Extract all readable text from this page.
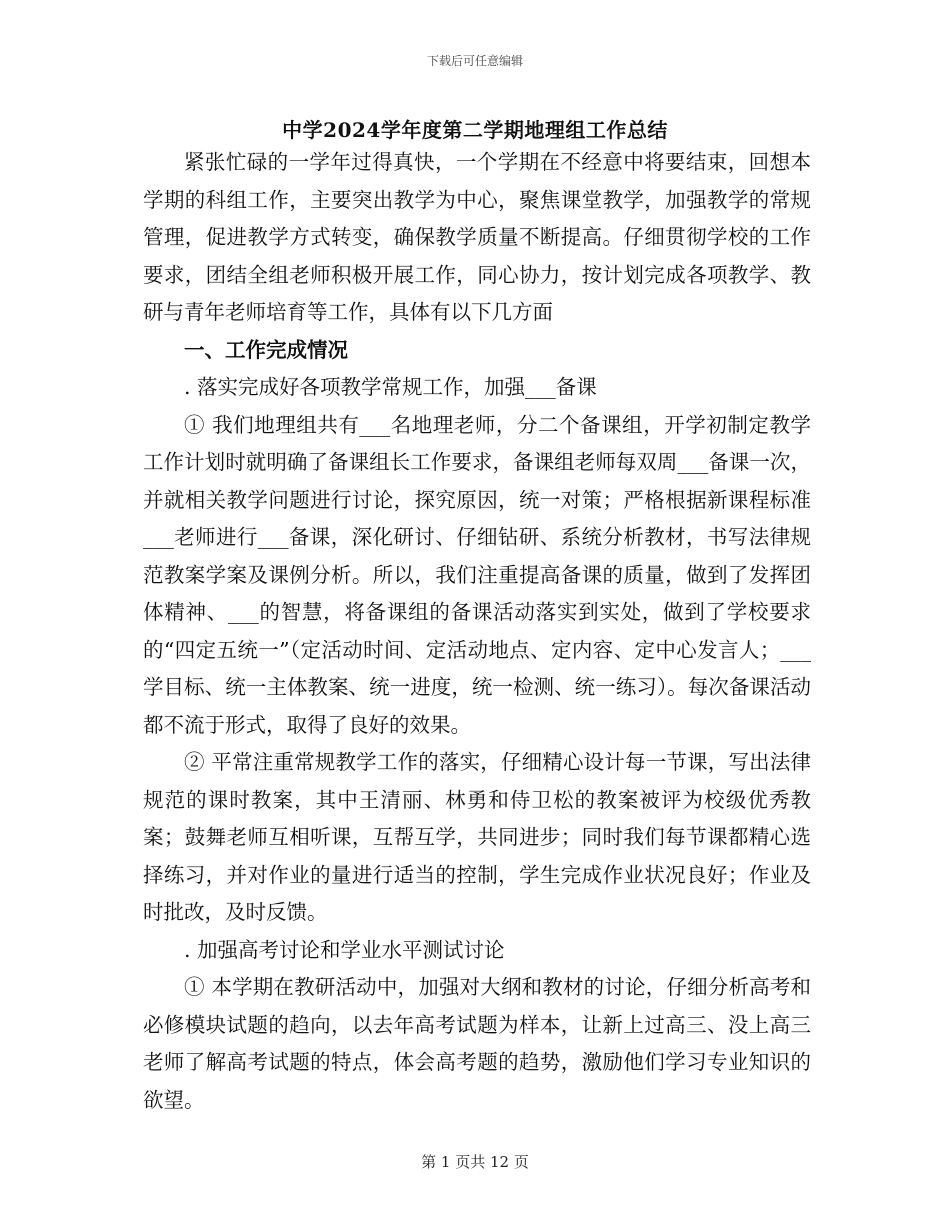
下载后可任意编辑
中学2024学年度第二学期地理组工作总结

紧张忙碌的一学年过得真快，一个学期在不经意中将要结束，回想本学期的科组工作，主要突出教学为中心，聚焦课堂教学，加强教学的常规管理，促进教学方式转变，确保教学质量不断提高。仔细贯彻学校的工作要求，团结全组老师积极开展工作，同心协力，按计划完成各项教学、教研与青年老师培育等工作，具体有以下几方面

一、工作完成情况

. 落实完成好各项教学常规工作，加强___备课

① 我们地理组共有___名地理老师，分二个备课组，开学初制定教学工作计划时就明确了备课组长工作要求，备课组老师每双周___备课一次，并就相关教学问题进行讨论，探究原因，统一对策；严格根据新课程标准___老师进行___备课，深化研讨、仔细钻研、系统分析教材，书写法律规范教案学案及课例分析。所以，我们注重提高备课的质量，做到了发挥团体精神、___的智慧，将备课组的备课活动落实到实处，做到了学校要求的“四定五统一”（定活动时间、定活动地点、定内容、定中心发言人；___学目标、统一主体教案、统一进度，统一检测、统一练习）。每次备课活动都不流于形式，取得了良好的效果。

② 平常注重常规教学工作的落实，仔细精心设计每一节课，写出法律规范的课时教案，其中王清丽、林勇和侍卫松的教案被评为校级优秀教案；鼓舞老师互相听课，互帮互学，共同进步；同时我们每节课都精心选择练习，并对作业的量进行适当的控制，学生完成作业状况良好；作业及时批改，及时反馈。

. 加强高考讨论和学业水平测试讨论

① 本学期在教研活动中，加强对大纲和教材的讨论，仔细分析高考和必修模块试题的趋向，以去年高考试题为样本，让新上过高三、没上高三老师了解高考试题的特点，体会高考题的趋势，激励他们学习专业知识的欲望。

第 1 页共 12 页
